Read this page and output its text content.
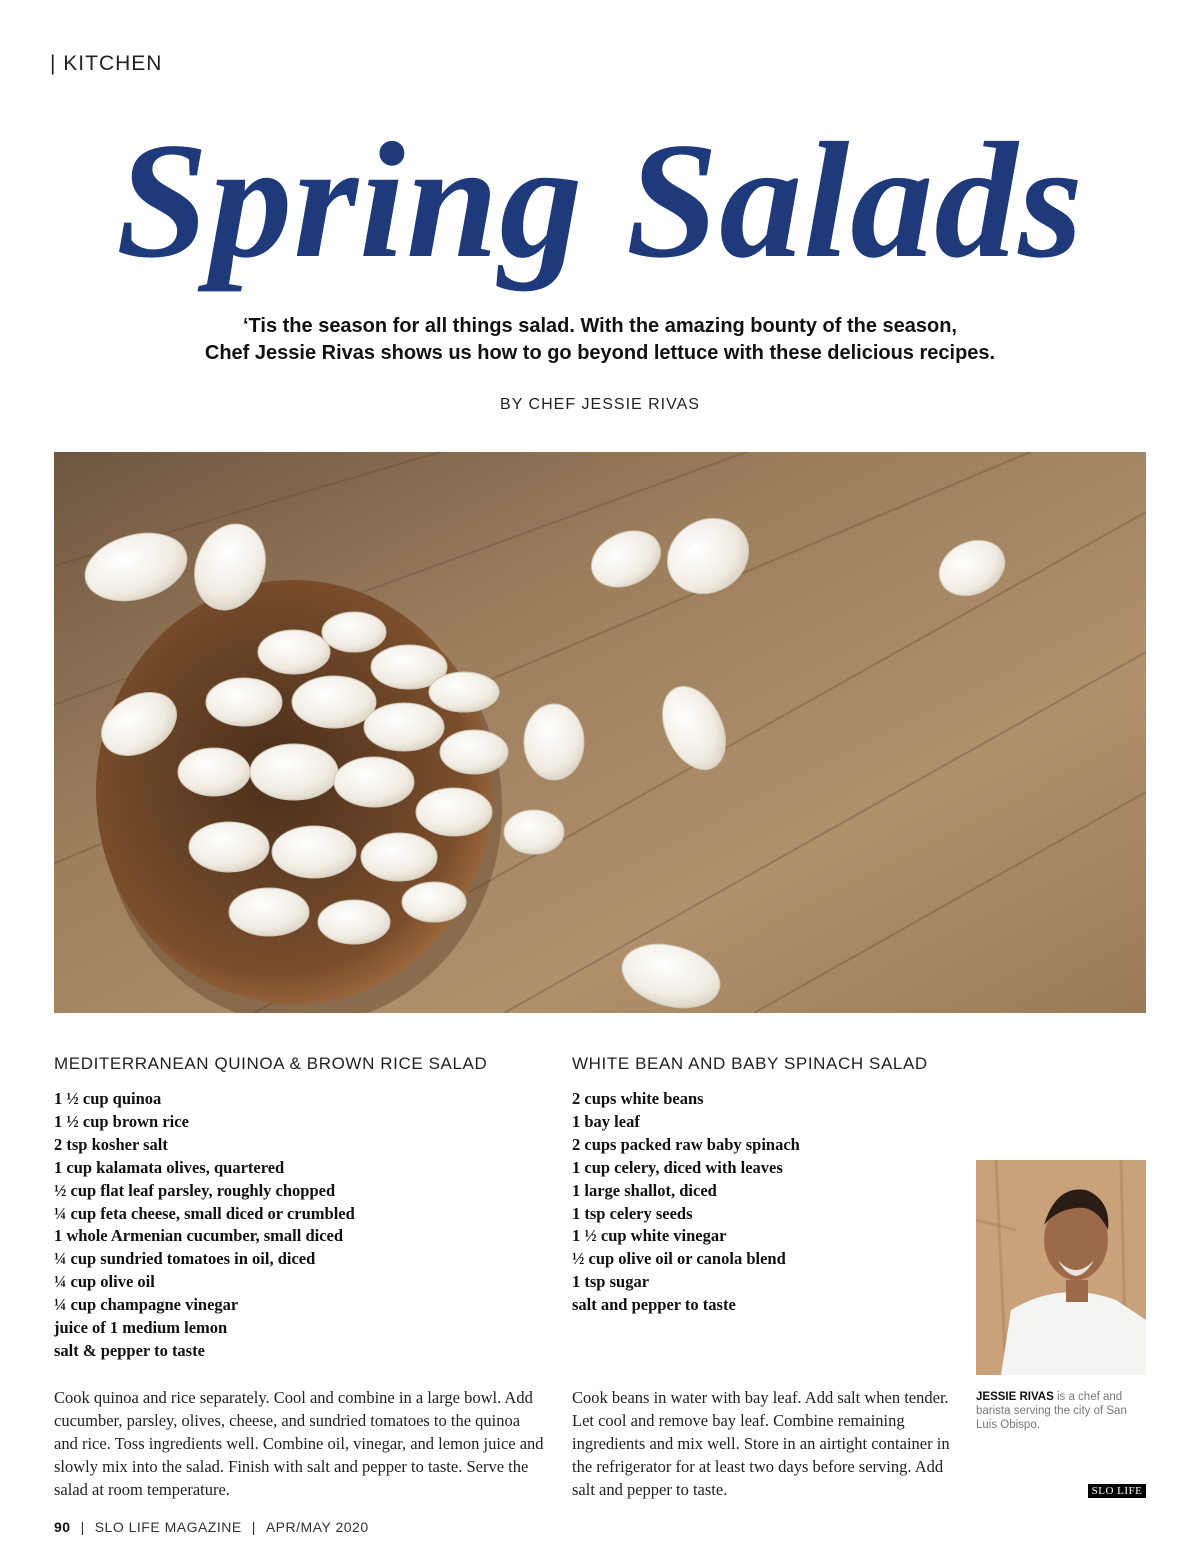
| KITCHEN
Spring Salads
‘Tis the season for all things salad. With the amazing bounty of the season,
Chef Jessie Rivas shows us how to go beyond lettuce with these delicious recipes.
BY CHEF JESSIE RIVAS
MEDITERRANEAN QUINOA & BROWN RICE SALAD
1 ½ cup quinoa
1 ½ cup brown rice
2 tsp kosher salt
1 cup kalamata olives, quartered
½ cup flat leaf parsley, roughly chopped
¼ cup feta cheese, small diced or crumbled
1 whole Armenian cucumber, small diced
¼ cup sundried tomatoes in oil, diced
¼ cup olive oil
¼ cup champagne vinegar
juice of 1 medium lemon
salt & pepper to taste
WHITE BEAN AND BABY SPINACH SALAD
2 cups white beans
1 bay leaf
2 cups packed raw baby spinach
1 cup celery, diced with leaves
1 large shallot, diced
1 tsp celery seeds
1 ½ cup white vinegar
½ cup olive oil or canola blend
1 tsp sugar
salt and pepper to taste

Cook quinoa and rice separately. Cool and combine in a large bowl. Add cucumber, parsley, olives, cheese, and sundried tomatoes to the quinoa and rice. Toss ingredients well. Combine oil, vinegar, and lemon juice and slowly mix into the salad. Finish with salt and pepper to taste. Serve the salad at room temperature.

Cook beans in water with bay leaf. Add salt when tender. Let cool and remove bay leaf. Combine remaining ingredients and mix well. Store in an airtight container in the refrigerator for at least two days before serving. Add salt and pepper to taste.

JESSIE RIVAS is a chef and barista serving the city of San Luis Obispo.
SLO LIFE
90 | SLO LIFE MAGAZINE | APR/MAY 2020
